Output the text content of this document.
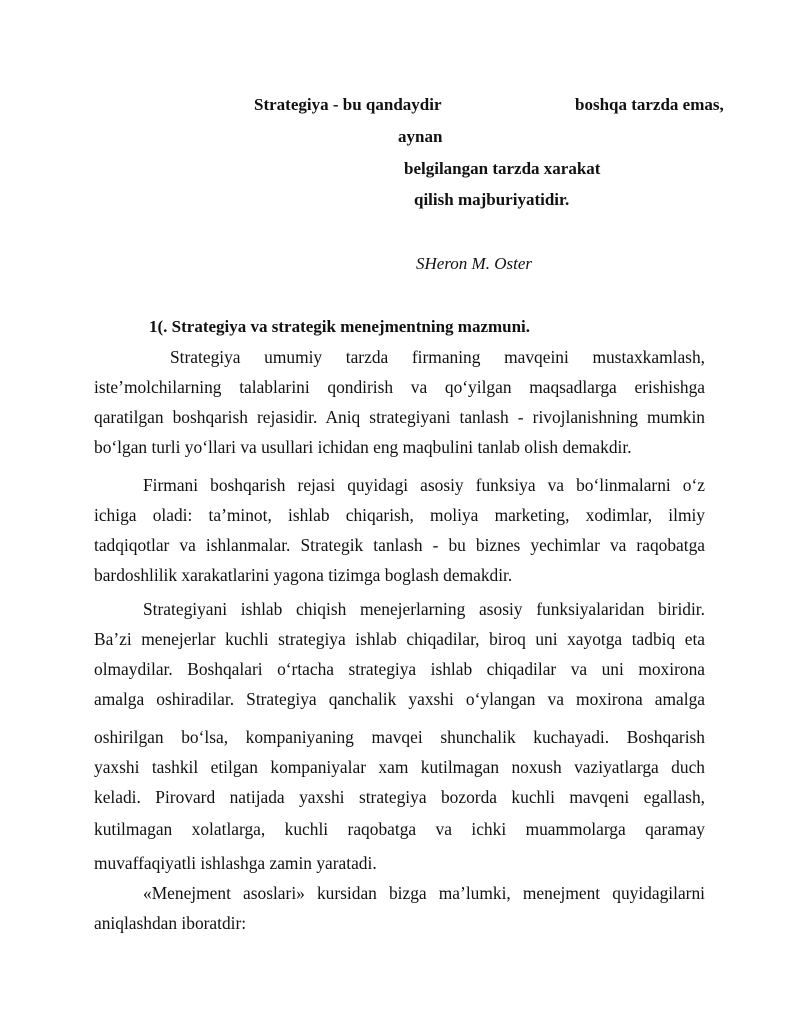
Strategiya - bu qandaydir	boshqa tarzda emas,
aynan
belgilangan tarzda xarakat
qilish majburiyatidir.
SHeron M. Oster
1(. Strategiya va strategik menejmentning mazmuni.
Strategiya umumiy tarzda firmaning mavqeini mustaxkamlash,
iste’molchilarning talablarini qondirish va qo‘yilgan maqsadlarga erishishga
qaratilgan boshqarish rejasidir. Aniq strategiyani tanlash - rivojlanishning mumkin
bo‘lgan turli yo‘llari va usullari ichidan eng maqbulini tanlab olish demakdir.
Firmani boshqarish rejasi quyidagi asosiy funksiya va bo‘linmalarni o‘z
ichiga oladi: ta’minot, ishlab chiqarish, moliya marketing, xodimlar, ilmiy
tadqiqotlar va ishlanmalar. Strategik tanlash - bu biznes yechimlar va raqobatga
bardoshlilik xarakatlarini yagona tizimga boglash demakdir.
Strategiyani ishlab chiqish menejerlarning asosiy funksiyalaridan biridir.
Ba’zi menejerlar kuchli strategiya ishlab chiqadilar, biroq uni xayotga tadbiq eta
olmaydilar. Boshqalari o‘rtacha strategiya ishlab chiqadilar va uni moxirona
amalga oshiradilar. Strategiya qanchalik yaxshi o‘ylangan va moxirona amalga
oshirilgan bo‘lsa, kompaniyaning mavqei shunchalik kuchayadi. Boshqarish
yaxshi tashkil etilgan kompaniyalar xam kutilmagan noxush vaziyatlarga duch
keladi. Pirovard natijada yaxshi strategiya bozorda kuchli mavqeni egallash,
kutilmagan xolatlarga, kuchli raqobatga va ichki muammolarga qaramay
muvaffaqiyatli ishlashga zamin yaratadi.
«Menejment asoslari» kursidan bizga ma’lumki, menejment quyidagilarni
aniqlashdan iboratdir:
